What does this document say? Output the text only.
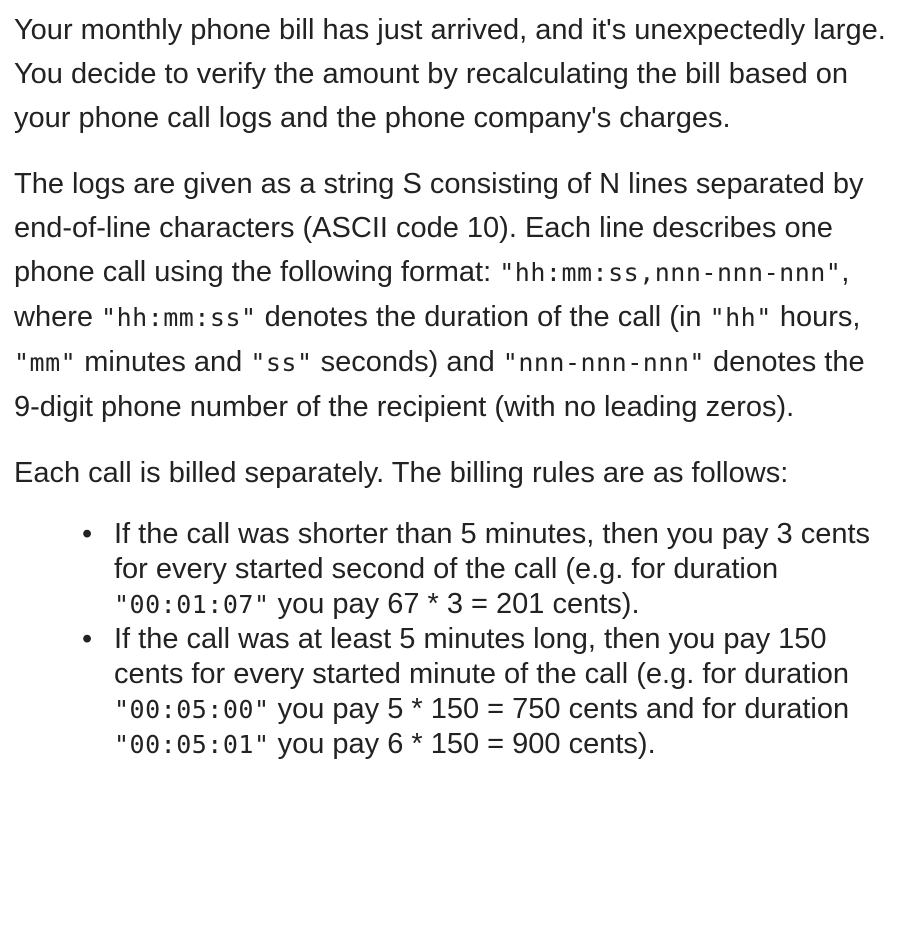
Your monthly phone bill has just arrived, and it's unexpectedly large. You decide to verify the amount by recalculating the bill based on your phone call logs and the phone company's charges.

The logs are given as a string S consisting of N lines separated by end-of-line characters (ASCII code 10). Each line describes one phone call using the following format: "hh:mm:ss,nnn-nnn-nnn", where "hh:mm:ss" denotes the duration of the call (in "hh" hours, "mm" minutes and "ss" seconds) and "nnn-nnn-nnn" denotes the 9-digit phone number of the recipient (with no leading zeros).

Each call is billed separately. The billing rules are as follows:

• If the call was shorter than 5 minutes, then you pay 3 cents for every started second of the call (e.g. for duration "00:01:07" you pay 67 * 3 = 201 cents).
• If the call was at least 5 minutes long, then you pay 150 cents for every started minute of the call (e.g. for duration "00:05:00" you pay 5 * 150 = 750 cents and for duration "00:05:01" you pay 6 * 150 = 900 cents).
